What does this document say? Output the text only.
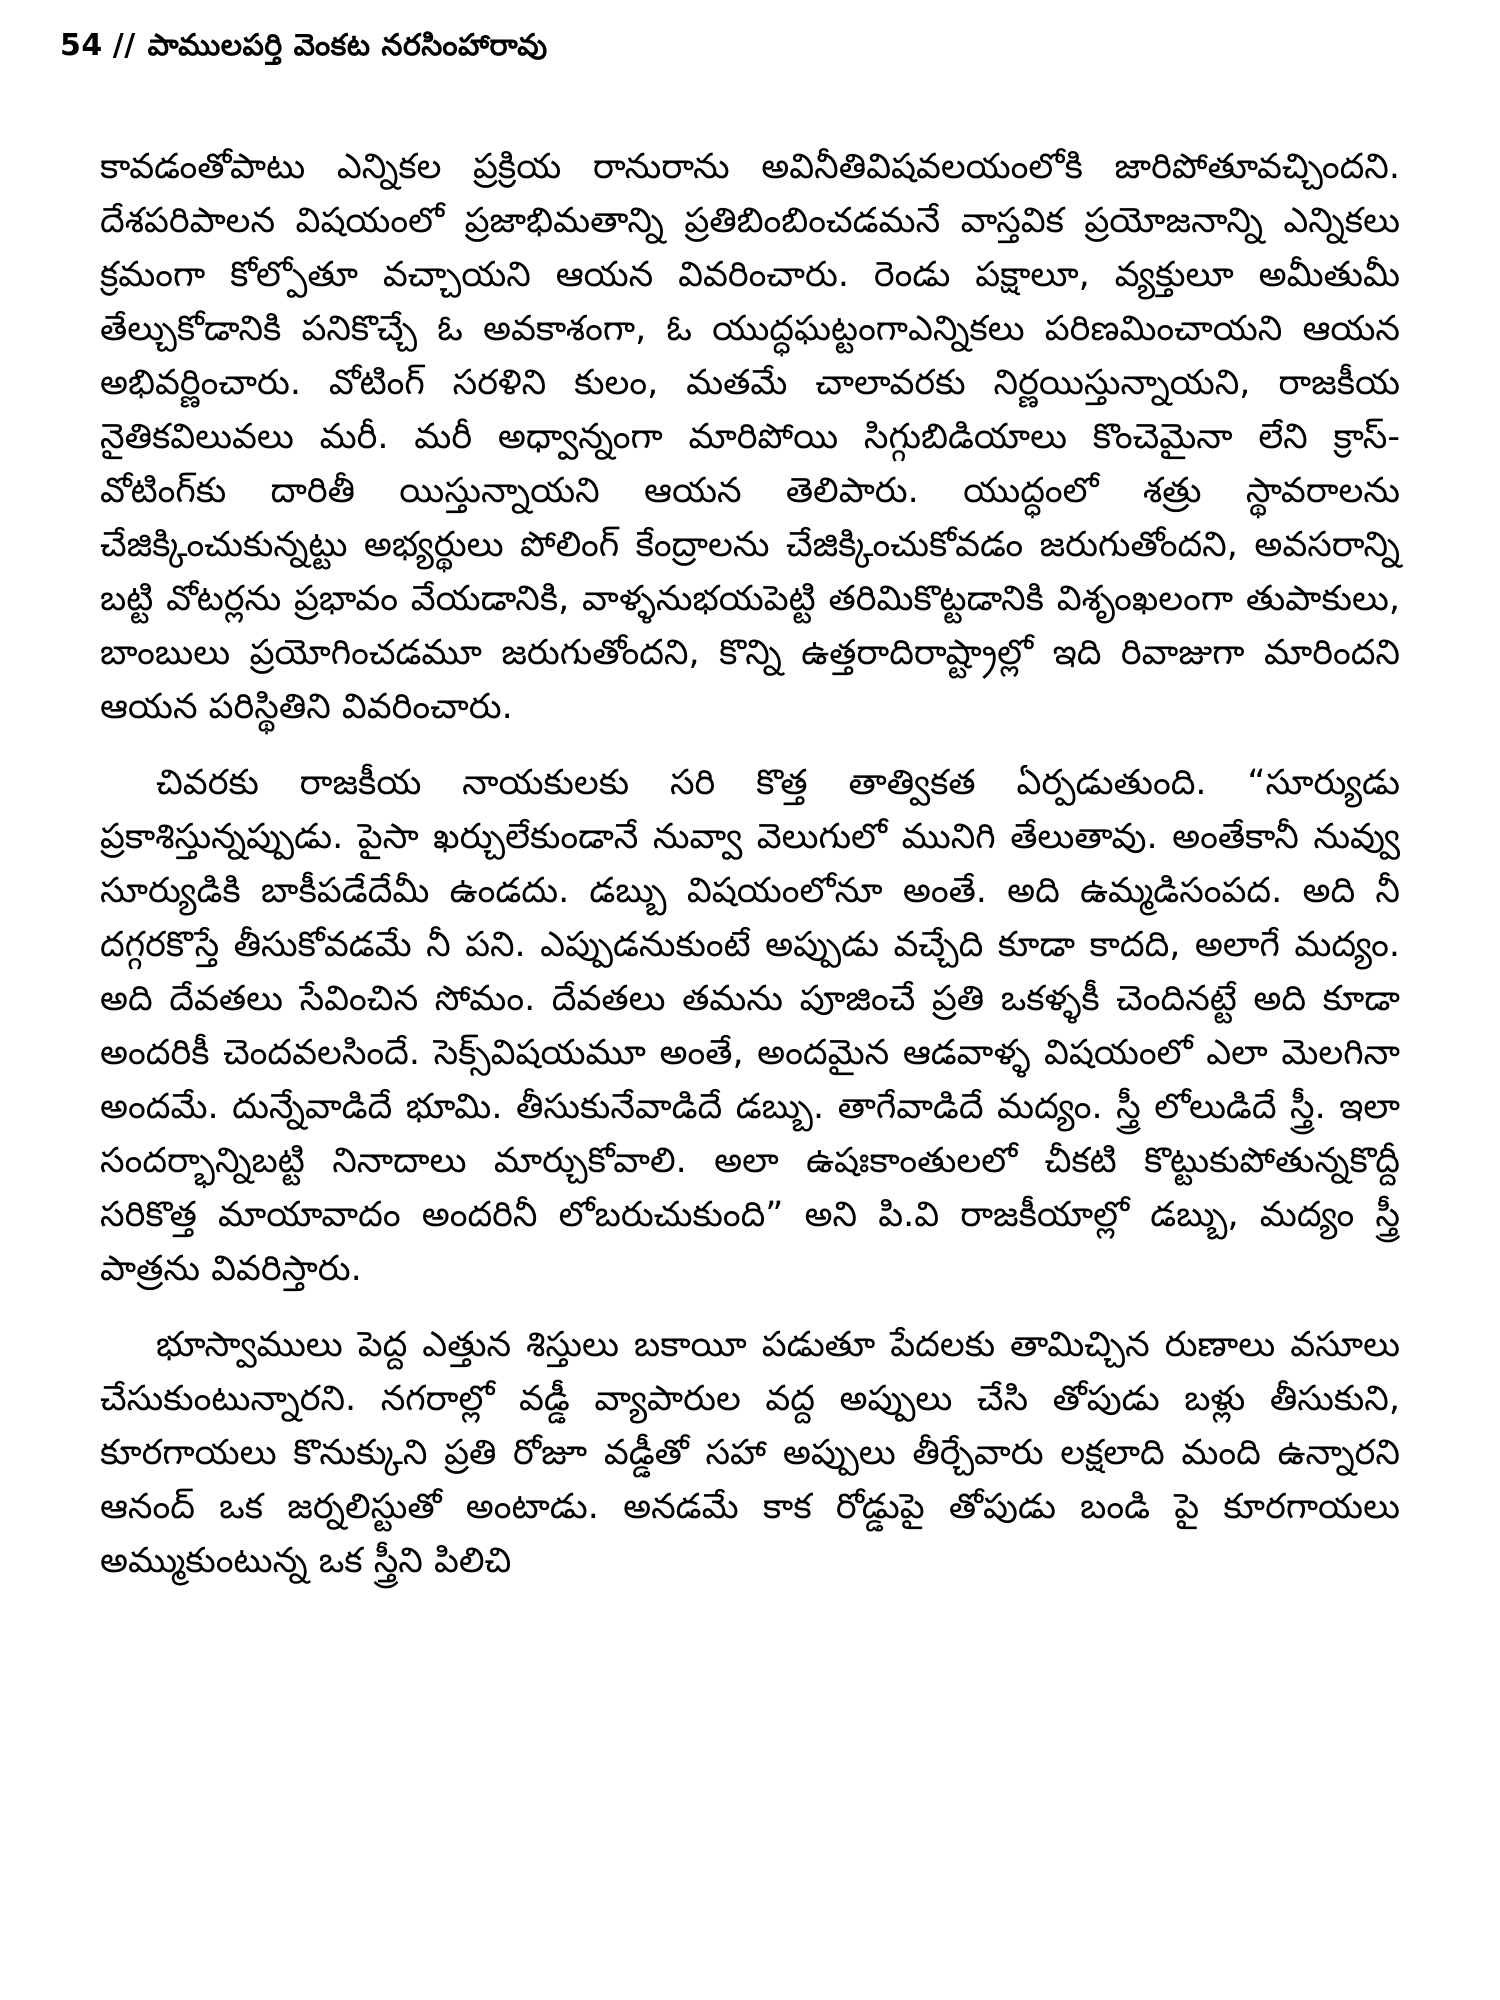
54 // పాములపర్తి వెంకట నరసింహారావు

కావడంతోపాటు ఎన్నికల ప్రక్రియ రానురాను అవినీతివిషవలయంలోకి జారిపోతూవచ్చిందని. దేశపరిపాలన విషయంలో ప్రజాభిమతాన్ని ప్రతిబింబించడమనే వాస్తవిక ప్రయోజనాన్ని ఎన్నికలు క్రమంగా కోల్పోతూ వచ్చాయని ఆయన వివరించారు. రెండు పక్షాలూ, వ్యక్తులూ అమీతుమీ తేల్చుకోడానికి పనికొచ్చే ఓ అవకాశంగా, ఓ యుద్ధఘట్టంగాఎన్నికలు పరిణమించాయని ఆయన అభివర్ణించారు. వోటింగ్ సరళిని కులం, మతమే చాలావరకు నిర్ణయిస్తున్నాయని, రాజకీయ నైతికవిలువలు మరీ. మరీ అధ్వాన్నంగా మారిపోయి సిగ్గుబిడియాలు కొంచెమైనా లేని క్రాస్-వోటింగ్‌కు దారితీ యిస్తున్నాయని ఆయన తెలిపారు. యుద్ధంలో శత్రు స్థావరాలను చేజిక్కించుకున్నట్టు అభ్యర్థులు పోలింగ్ కేంద్రాలను చేజిక్కించుకోవడం జరుగుతోందని, అవసరాన్ని బట్టి వోటర్లను ప్రభావం వేయడానికి, వాళ్ళనుభయపెట్టి తరిమికొట్టడానికి విశృంఖలంగా తుపాకులు, బాంబులు ప్రయోగించడమూ జరుగుతోందని, కొన్ని ఉత్తరాదిరాష్ట్రాల్లో ఇది రివాజుగా మారిందని ఆయన పరిస్థితిని వివరించారు.

చివరకు రాజకీయ నాయకులకు సరి కొత్త తాత్వికత ఏర్పడుతుంది. “సూర్యుడు ప్రకాశిస్తున్నప్పుడు. పైసా ఖర్చులేకుండానే నువ్వా వెలుగులో మునిగి తేలుతావు. అంతేకానీ నువ్వు సూర్యుడికి బాకీపడేదేమీ ఉండదు. డబ్బు విషయంలోనూ అంతే. అది ఉమ్మడిసంపద. అది నీ దగ్గరకొస్తే తీసుకోవడమే నీ పని. ఎప్పుడనుకుంటే అప్పుడు వచ్చేది కూడా కాదది, అలాగే మద్యం. అది దేవతలు సేవించిన సోమం. దేవతలు తమను పూజించే ప్రతి ఒకళ్ళకీ చెందినట్టే అది కూడా అందరికీ చెందవలసిందే. సెక్స్‌విషయమూ అంతే, అందమైన ఆడవాళ్ళ విషయంలో ఎలా మెలగినా అందమే. దున్నేవాడిదే భూమి. తీసుకునేవాడిదే డబ్బు. తాగేవాడిదే మద్యం. స్త్రీ లోలుడిదే స్త్రీ. ఇలా సందర్భాన్నిబట్టి నినాదాలు మార్చుకోవాలి. అలా ఉషఃకాంతులలో చీకటి కొట్టుకుపోతున్నకొద్దీ సరికొత్త మాయావాదం అందరినీ లోబరుచుకుంది” అని పి.వి రాజకీయాల్లో డబ్బు, మద్యం స్త్రీ పాత్రను వివరిస్తారు.

భూస్వాములు పెద్ద ఎత్తున శిస్తులు బకాయీ పడుతూ పేదలకు తామిచ్చిన రుణాలు వసూలు చేసుకుంటున్నారని. నగరాల్లో వడ్డీ వ్యాపారుల వద్ద అప్పులు చేసి తోపుడు బళ్లు తీసుకుని, కూరగాయలు కొనుక్కుని ప్రతి రోజూ వడ్డీతో సహా అప్పులు తీర్చేవారు లక్షలాది మంది ఉన్నారని ఆనంద్ ఒక జర్నలిస్టుతో అంటాడు. అనడమే కాక రోడ్డుపై తోపుడు బండి పై కూరగాయలు అమ్ముకుంటున్న ఒక స్త్రీని పిలిచి
